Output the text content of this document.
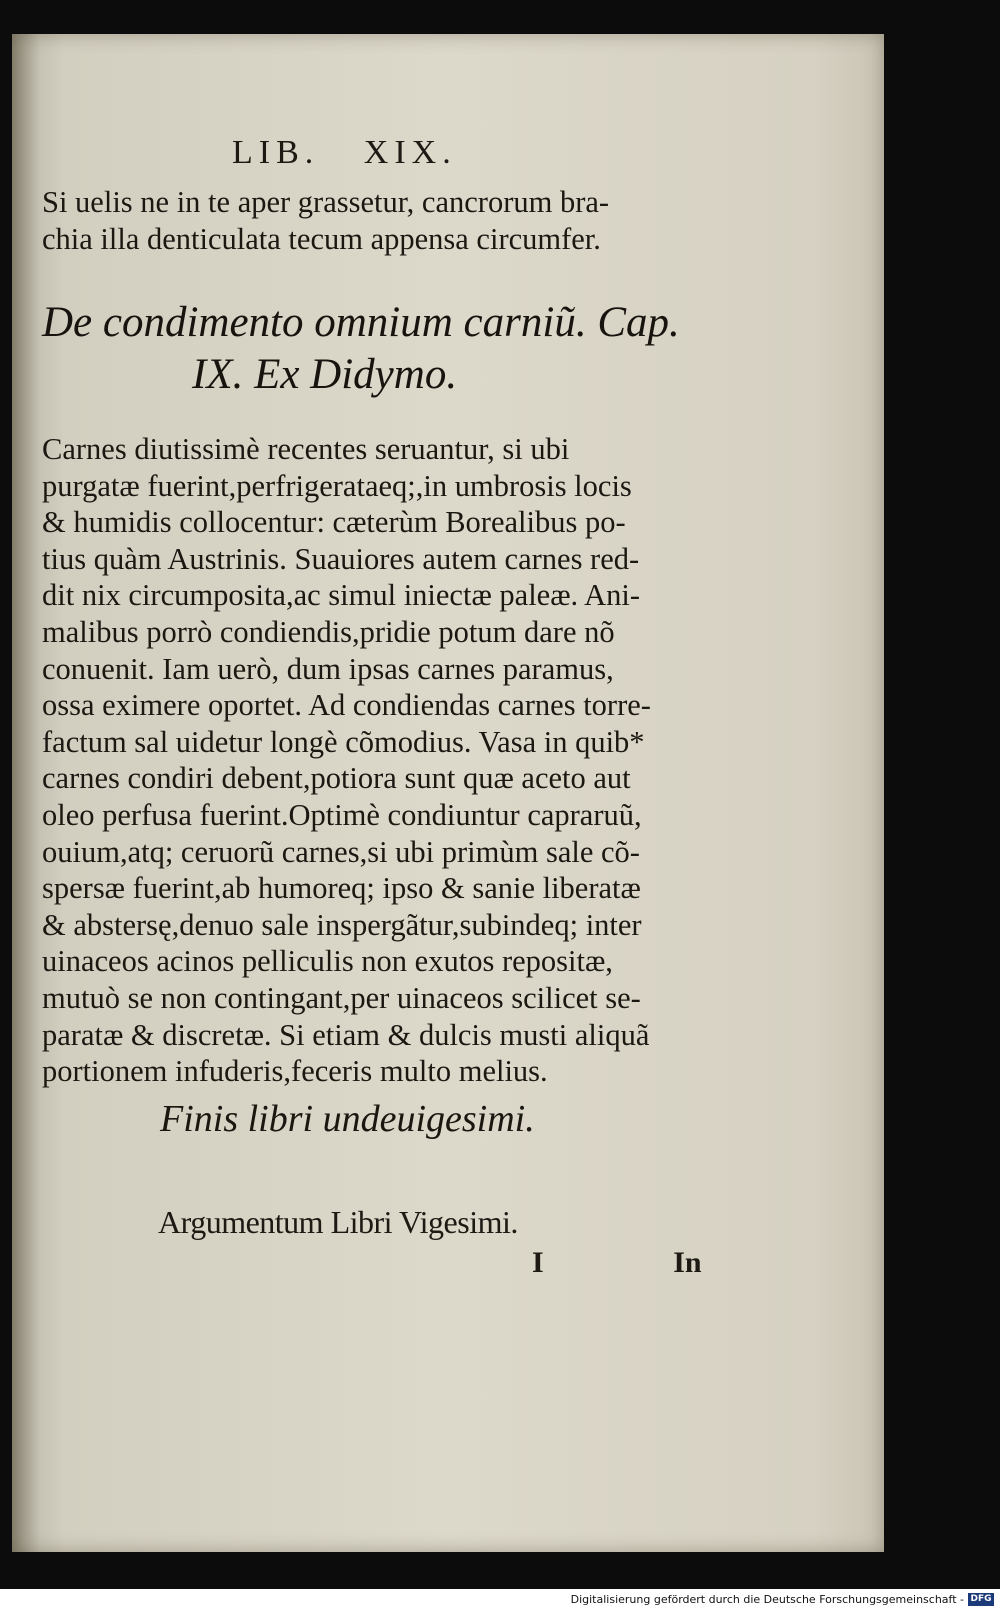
LIB. XIX.
Si uelis ne in te aper grassetur, cancrorum bra-
chia illa denticulata tecum appensa circumfer.
De condimento omnium carniũ. Cap.
IX. Ex Didymo.
Carnes diutissimè recentes seruantur, si ubi
purgatæ fuerint,perfrigerataeq;,in umbrosis locis
& humidis collocentur: cæterùm Borealibus po-
tius quàm Austrinis. Suauiores autem carnes red-
dit nix circumposita,ac simul iniectæ paleæ. Ani-
malibus porrò condiendis,pridie potum dare nõ
conuenit. Iam uerò, dum ipsas carnes paramus,
ossa eximere oportet. Ad condiendas carnes torre-
factum sal uidetur longè cõmodius. Vasa in quib*
carnes condiri debent,potiora sunt quæ aceto aut
oleo perfusa fuerint.Optimè condiuntur capraruũ,
ouium,atq; ceruorũ carnes,si ubi primùm sale cõ-
spersæ fuerint,ab humoreq; ipso & sanie liberatæ
& abstersę,denuo sale inspergãtur,subindeq; inter
uinaceos acinos pelliculis non exutos repositæ,
mutuò se non contingant,per uinaceos scilicet se-
paratæ & discretæ. Si etiam & dulcis musti aliquã
portionem infuderis,feceris multo melius.
Finis libri undeuigesimi.
Argumentum Libri Vigesimi.
I	In
Digitalisierung gefördert durch die Deutsche Forschungsgemeinschaft - DFG
